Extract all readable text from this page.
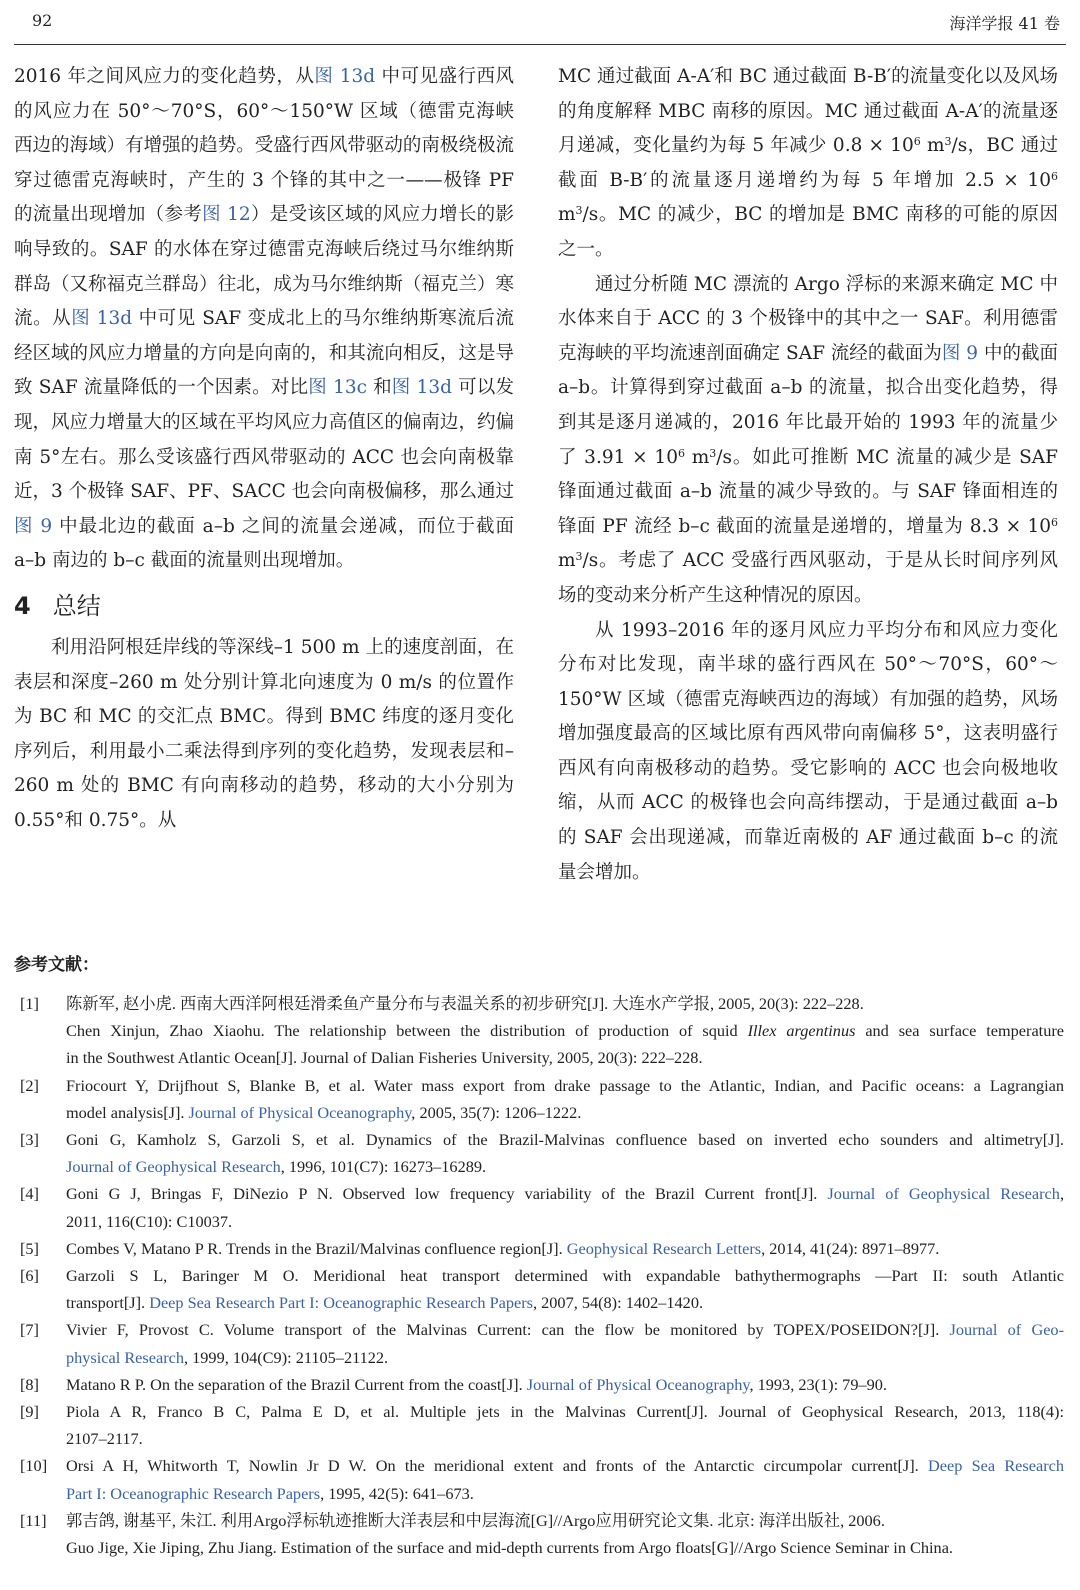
92	海洋学报 41 卷

2016 年之间风应力的变化趋势，从图 13d 中可见盛行西风的风应力在 50°～70°S，60°～150°W 区域（德雷克海峡西边的海域）有增强的趋势。受盛行西风带驱动的南极绕极流穿过德雷克海峡时，产生的 3 个锋的其中之一——极锋 PF 的流量出现增加（参考图 12）是受该区域的风应力增长的影响导致的。SAF 的水体在穿过德雷克海峡后绕过马尔维纳斯群岛（又称福克兰群岛）往北，成为马尔维纳斯（福克兰）寒流。从图 13d 中可见 SAF 变成北上的马尔维纳斯寒流后流经区域的风应力增量的方向是向南的，和其流向相反，这是导致 SAF 流量降低的一个因素。对比图 13c 和图 13d 可以发现，风应力增量大的区域在平均风应力高值区的偏南边，约偏南 5°左右。那么受该盛行西风带驱动的 ACC 也会向南极靠近，3 个极锋 SAF、PF、SACC 也会向南极偏移，那么通过图 9 中最北边的截面 a–b 之间的流量会递减，而位于截面 a–b 南边的 b–c 截面的流量则出现增加。

4 总结

利用沿阿根廷岸线的等深线–1 500 m 上的速度剖面，在表层和深度–260 m 处分别计算北向速度为 0 m/s 的位置作为 BC 和 MC 的交汇点 BMC。得到 BMC 纬度的逐月变化序列后，利用最小二乘法得到序列的变化趋势，发现表层和–260 m 处的 BMC 有向南移动的趋势，移动的大小分别为 0.55°和 0.75°。从

MC 通过截面 A-A′和 BC 通过截面 B-B′的流量变化以及风场的角度解释 MBC 南移的原因。MC 通过截面 A-A′的流量逐月递减，变化量约为每 5 年减少 $0.8 \times 10^6$ $m^3/s$，BC 通过截面 B-B′的流量逐月递增约为每 5 年增加 $2.5 \times 10^6$ $m^3/s$。MC 的减少，BC 的增加是 BMC 南移的可能的原因之一。

通过分析随 MC 漂流的 Argo 浮标的来源来确定 MC 中水体来自于 ACC 的 3 个极锋中的其中之一 SAF。利用德雷克海峡的平均流速剖面确定 SAF 流经的截面为图 9 中的截面 a–b。计算得到穿过截面 a–b 的流量，拟合出变化趋势，得到其是逐月递减的，2016 年比最开始的 1993 年的流量少了 $3.91 \times 10^6$ $m^3/s$。如此可推断 MC 流量的减少是 SAF 锋面通过截面 a–b 流量的减少导致的。与 SAF 锋面相连的锋面 PF 流经 b–c 截面的流量是递增的，增量为 $8.3 \times 10^6$ $m^3/s$。考虑了 ACC 受盛行西风驱动，于是从长时间序列风场的变动来分析产生这种情况的原因。

从 1993–2016 年的逐月风应力平均分布和风应力变化分布对比发现，南半球的盛行西风在 50°～70°S，60°～150°W 区域（德雷克海峡西边的海域）有加强的趋势，风场增加强度最高的区域比原有西风带向南偏移 5°，这表明盛行西风有向南极移动的趋势。受它影响的 ACC 也会向极地收缩，从而 ACC 的极锋也会向高纬摆动，于是通过截面 a–b 的 SAF 会出现递减，而靠近南极的 AF 通过截面 b–c 的流量会增加。

参考文献：
[1] 陈新军, 赵小虎. 西南大西洋阿根廷滑柔鱼产量分布与表温关系的初步研究[J]. 大连水产学报, 2005, 20(3): 222–228.
Chen Xinjun, Zhao Xiaohu. The relationship between the distribution of production of squid Illex argentinus and sea surface temperature
in the Southwest Atlantic Ocean[J]. Journal of Dalian Fisheries University, 2005, 20(3): 222–228.
[2] Friocourt Y, Drijfhout S, Blanke B, et al. Water mass export from drake passage to the Atlantic, Indian, and Pacific oceans: a Lagrangian
model analysis[J]. Journal of Physical Oceanography, 2005, 35(7): 1206–1222.
[3] Goni G, Kamholz S, Garzoli S, et al. Dynamics of the Brazil-Malvinas confluence based on inverted echo sounders and altimetry[J].
Journal of Geophysical Research, 1996, 101(C7): 16273–16289.
[4] Goni G J, Bringas F, DiNezio P N. Observed low frequency variability of the Brazil Current front[J]. Journal of Geophysical Research,
2011, 116(C10): C10037.
[5] Combes V, Matano P R. Trends in the Brazil/Malvinas confluence region[J]. Geophysical Research Letters, 2014, 41(24): 8971–8977.
[6] Garzoli S L, Baringer M O. Meridional heat transport determined with expandable bathythermographs —Part II: south Atlantic
transport[J]. Deep Sea Research Part I: Oceanographic Research Papers, 2007, 54(8): 1402–1420.
[7] Vivier F, Provost C. Volume transport of the Malvinas Current: can the flow be monitored by TOPEX/POSEIDON?[J]. Journal of Geo-
physical Research, 1999, 104(C9): 21105–21122.
[8] Matano R P. On the separation of the Brazil Current from the coast[J]. Journal of Physical Oceanography, 1993, 23(1): 79–90.
[9] Piola A R, Franco B C, Palma E D, et al. Multiple jets in the Malvinas Current[J]. Journal of Geophysical Research, 2013, 118(4):
2107–2117.
[10] Orsi A H, Whitworth T, Nowlin Jr D W. On the meridional extent and fronts of the Antarctic circumpolar current[J]. Deep Sea Research
Part I: Oceanographic Research Papers, 1995, 42(5): 641–673.
[11] 郭吉鸽, 谢基平, 朱江. 利用Argo浮标轨迹推断大洋表层和中层海流[G]//Argo应用研究论文集. 北京: 海洋出版社, 2006.
Guo Jige, Xie Jiping, Zhu Jiang. Estimation of the surface and mid-depth currents from Argo floats[G]//Argo Science Seminar in China.
